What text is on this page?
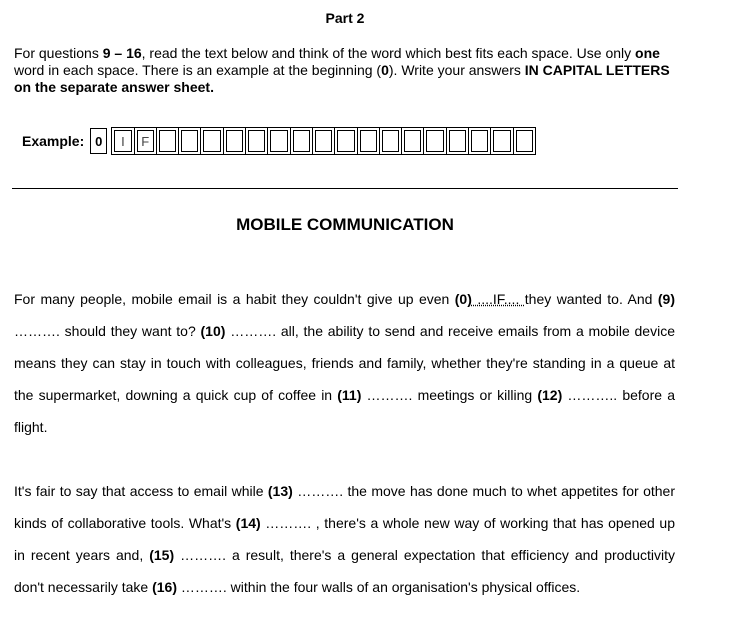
Part 2
For questions 9 – 16, read the text below and think of the word which best fits each space. Use only one word in each space. There is an example at the beginning (0). Write your answers IN CAPITAL LETTERS on the separate answer sheet.
Example: 0	I	F
MOBILE COMMUNICATION
For many people, mobile email is a habit they couldn't give up even (0) ....IF.... they wanted to. And (9) ………. should they want to? (10) ………. all, the ability to send and receive emails from a mobile device means they can stay in touch with colleagues, friends and family, whether they're standing in a queue at the supermarket, downing a quick cup of coffee in (11) ………. meetings or killing (12) ……….. before a flight.
It's fair to say that access to email while (13) ………. the move has done much to whet appetites for other kinds of collaborative tools. What's (14) ………. , there's a whole new way of working that has opened up in recent years and, (15) ………. a result, there's a general expectation that efficiency and productivity don't necessarily take (16) ………. within the four walls of an organisation's physical offices.
